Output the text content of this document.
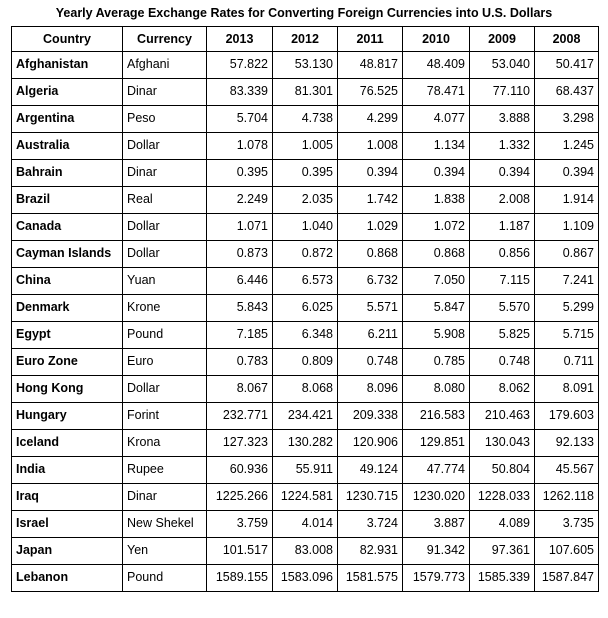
Yearly Average Exchange Rates for Converting Foreign Currencies into U.S. Dollars
Country	Currency	2013	2012	2011	2010	2009	2008
Afghanistan	Afghani	57.822	53.130	48.817	48.409	53.040	50.417
Algeria	Dinar	83.339	81.301	76.525	78.471	77.110	68.437
Argentina	Peso	5.704	4.738	4.299	4.077	3.888	3.298
Australia	Dollar	1.078	1.005	1.008	1.134	1.332	1.245
Bahrain	Dinar	0.395	0.395	0.394	0.394	0.394	0.394
Brazil	Real	2.249	2.035	1.742	1.838	2.008	1.914
Canada	Dollar	1.071	1.040	1.029	1.072	1.187	1.109
Cayman Islands	Dollar	0.873	0.872	0.868	0.868	0.856	0.867
China	Yuan	6.446	6.573	6.732	7.050	7.115	7.241
Denmark	Krone	5.843	6.025	5.571	5.847	5.570	5.299
Egypt	Pound	7.185	6.348	6.211	5.908	5.825	5.715
Euro Zone	Euro	0.783	0.809	0.748	0.785	0.748	0.711
Hong Kong	Dollar	8.067	8.068	8.096	8.080	8.062	8.091
Hungary	Forint	232.771	234.421	209.338	216.583	210.463	179.603
Iceland	Krona	127.323	130.282	120.906	129.851	130.043	92.133
India	Rupee	60.936	55.911	49.124	47.774	50.804	45.567
Iraq	Dinar	1225.266	1224.581	1230.715	1230.020	1228.033	1262.118
Israel	New Shekel	3.759	4.014	3.724	3.887	4.089	3.735
Japan	Yen	101.517	83.008	82.931	91.342	97.361	107.605
Lebanon	Pound	1589.155	1583.096	1581.575	1579.773	1585.339	1587.847
